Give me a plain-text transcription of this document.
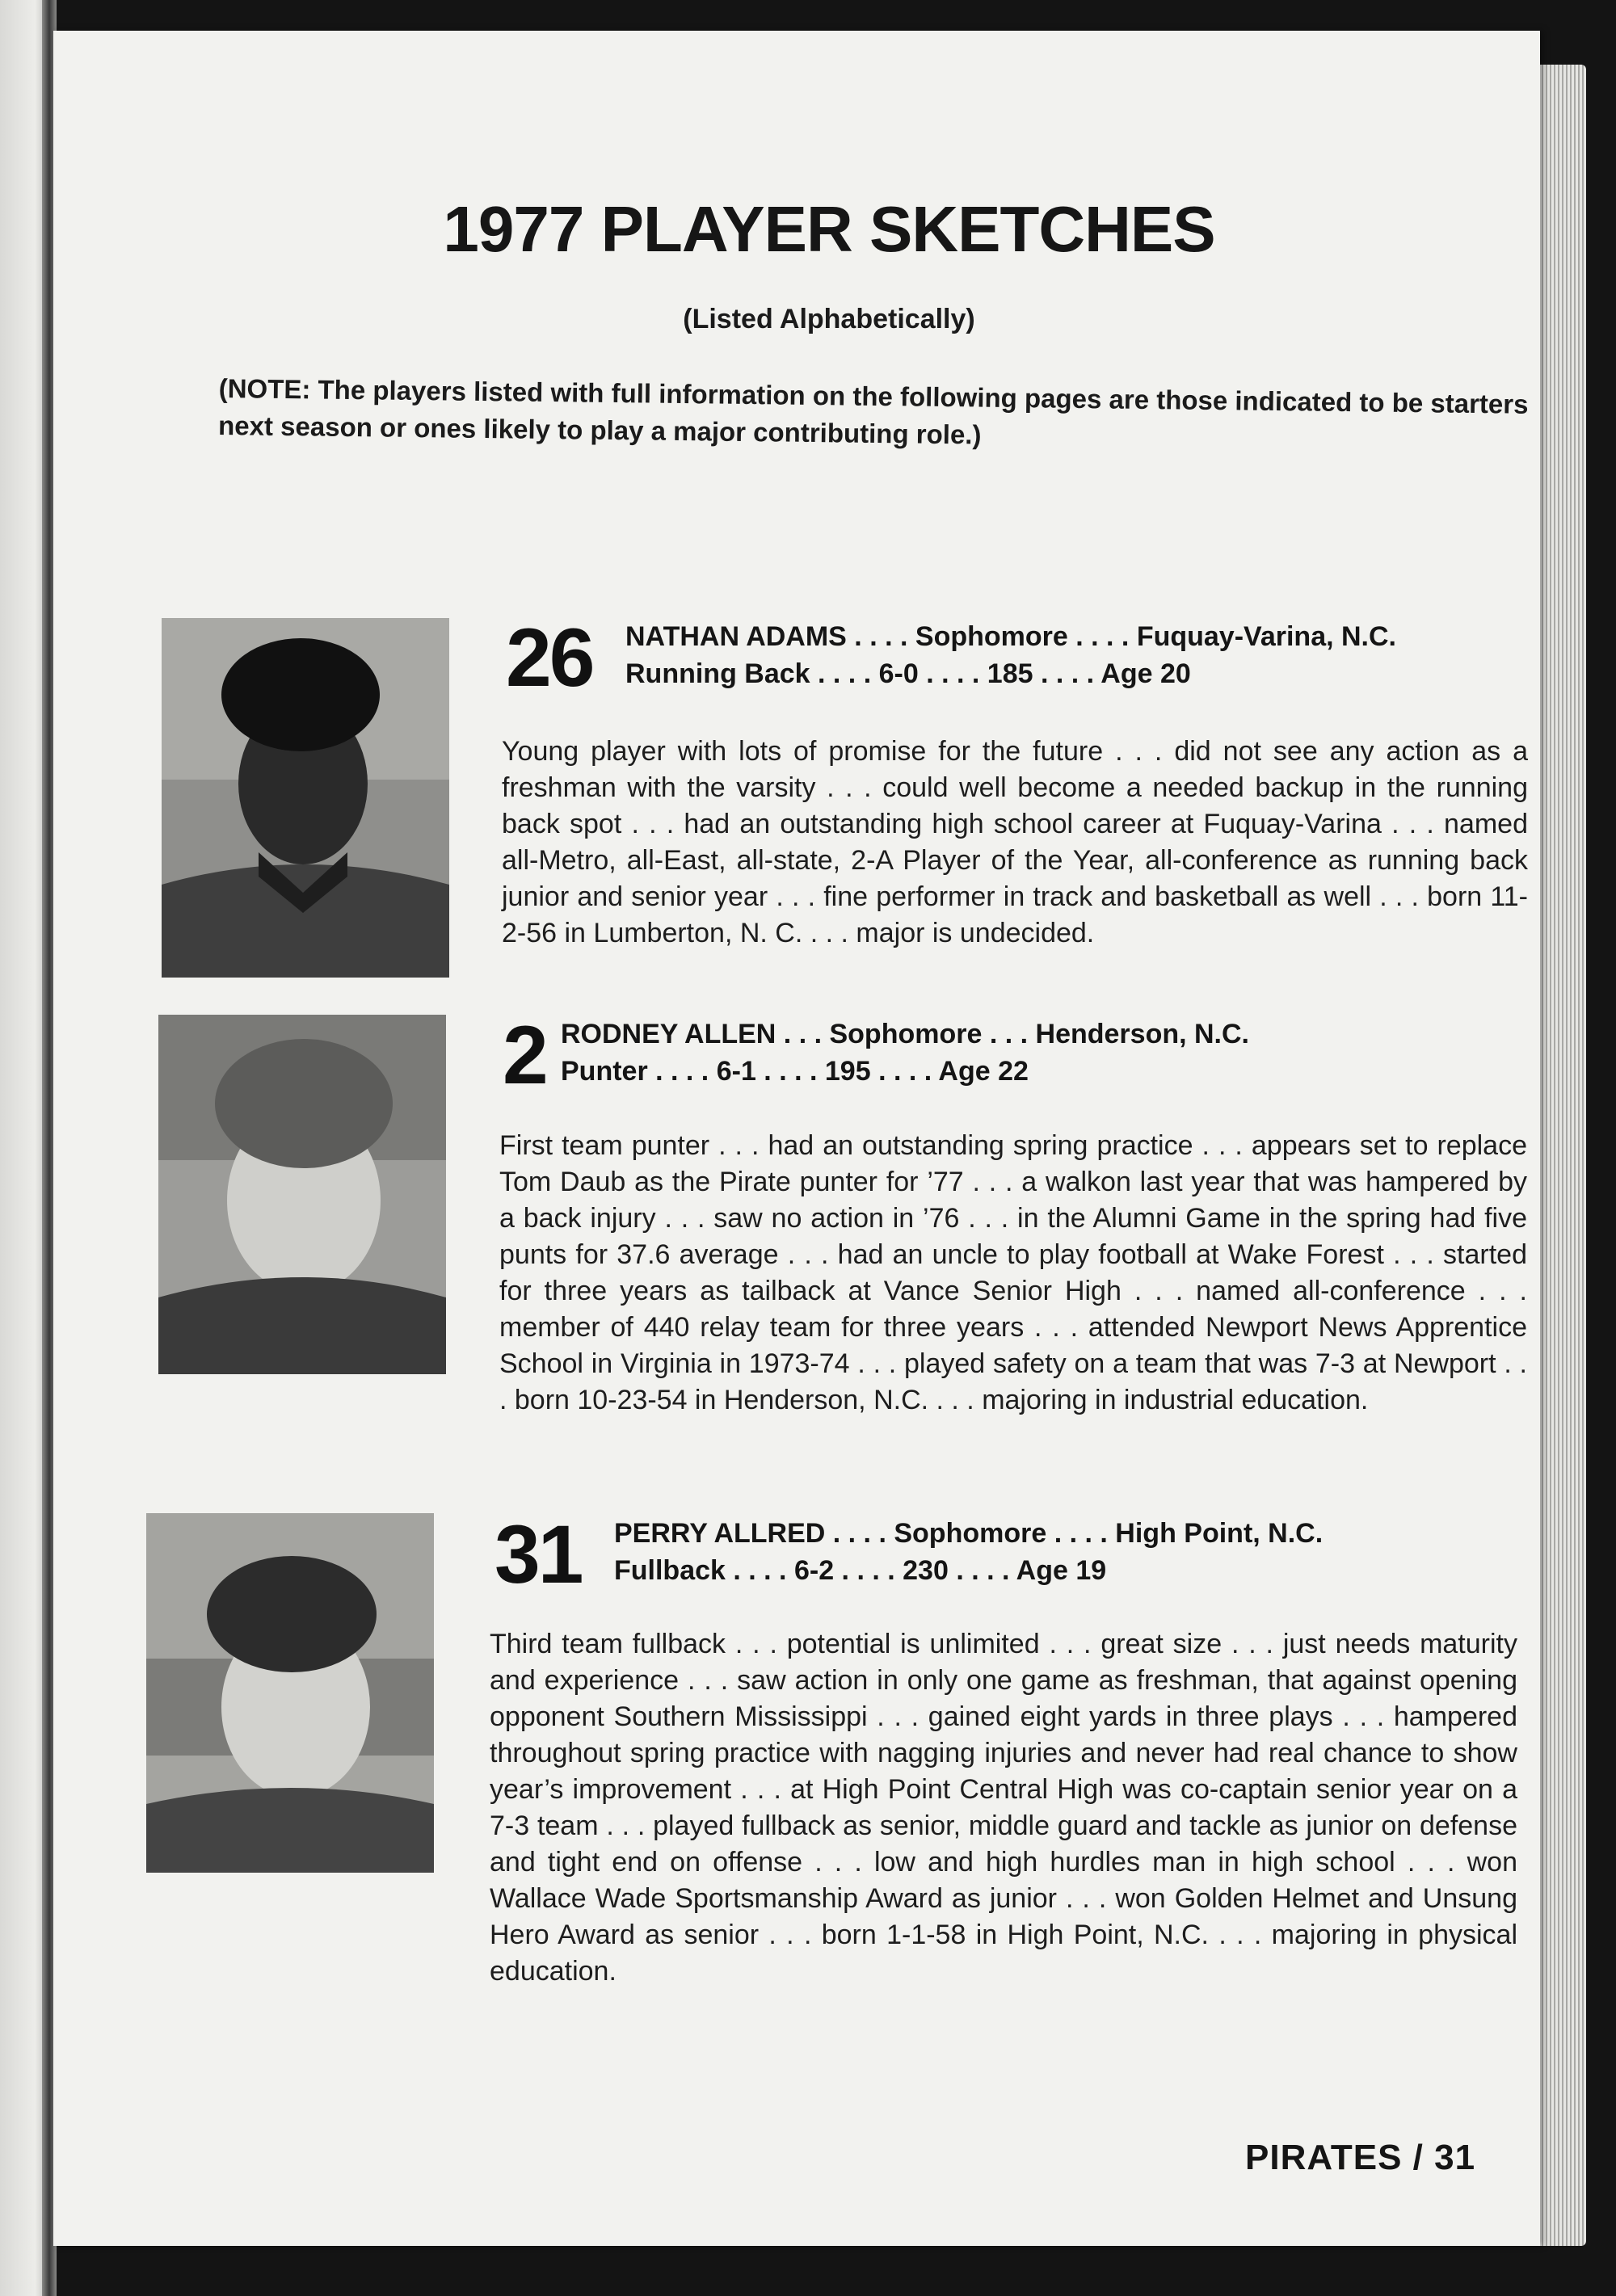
1977 PLAYER SKETCHES
(Listed Alphabetically)
(NOTE: The players listed with full information on the following pages are those indicated to be starters next season or ones likely to play a major contributing role.)
26 NATHAN ADAMS . . . . Sophomore . . . . Fuquay-Varina, N.C.
Running Back . . . . 6-0 . . . . 185 . . . . Age 20
Young player with lots of promise for the future . . . did not see any action as a freshman with the varsity . . . could well become a needed backup in the running back spot . . . had an outstanding high school career at Fuquay-Varina . . . named all-Metro, all-East, all-state, 2-A Player of the Year, all-conference as running back junior and senior year . . . fine performer in track and basketball as well . . . born 11-2-56 in Lumberton, N. C. . . . major is undecided.
2 RODNEY ALLEN . . . Sophomore . . . Henderson, N.C.
Punter . . . . 6-1 . . . . 195 . . . . Age 22
First team punter . . . had an outstanding spring practice . . . appears set to replace Tom Daub as the Pirate punter for ’77 . . . a walkon last year that was hampered by a back injury . . . saw no action in ’76 . . . in the Alumni Game in the spring had five punts for 37.6 average . . . had an uncle to play football at Wake Forest . . . started for three years as tailback at Vance Senior High . . . named all-conference . . . member of 440 relay team for three years . . . attended Newport News Apprentice School in Virginia in 1973-74 . . . played safety on a team that was 7-3 at Newport . . . born 10-23-54 in Henderson, N.C. . . . majoring in industrial education.
31 PERRY ALLRED . . . . Sophomore . . . . High Point, N.C.
Fullback . . . . 6-2 . . . . 230 . . . . Age 19
Third team fullback . . . potential is unlimited . . . great size . . . just needs maturity and experience . . . saw action in only one game as freshman, that against opening opponent Southern Mississippi . . . gained eight yards in three plays . . . hampered throughout spring practice with nagging injuries and never had real chance to show year’s improvement . . . at High Point Central High was co-captain senior year on a 7-3 team . . . played fullback as senior, middle guard and tackle as junior on defense and tight end on offense . . . low and high hurdles man in high school . . . won Wallace Wade Sportsmanship Award as junior . . . won Golden Helmet and Unsung Hero Award as senior . . . born 1-1-58 in High Point, N.C. . . . majoring in physical education.
PIRATES / 31
